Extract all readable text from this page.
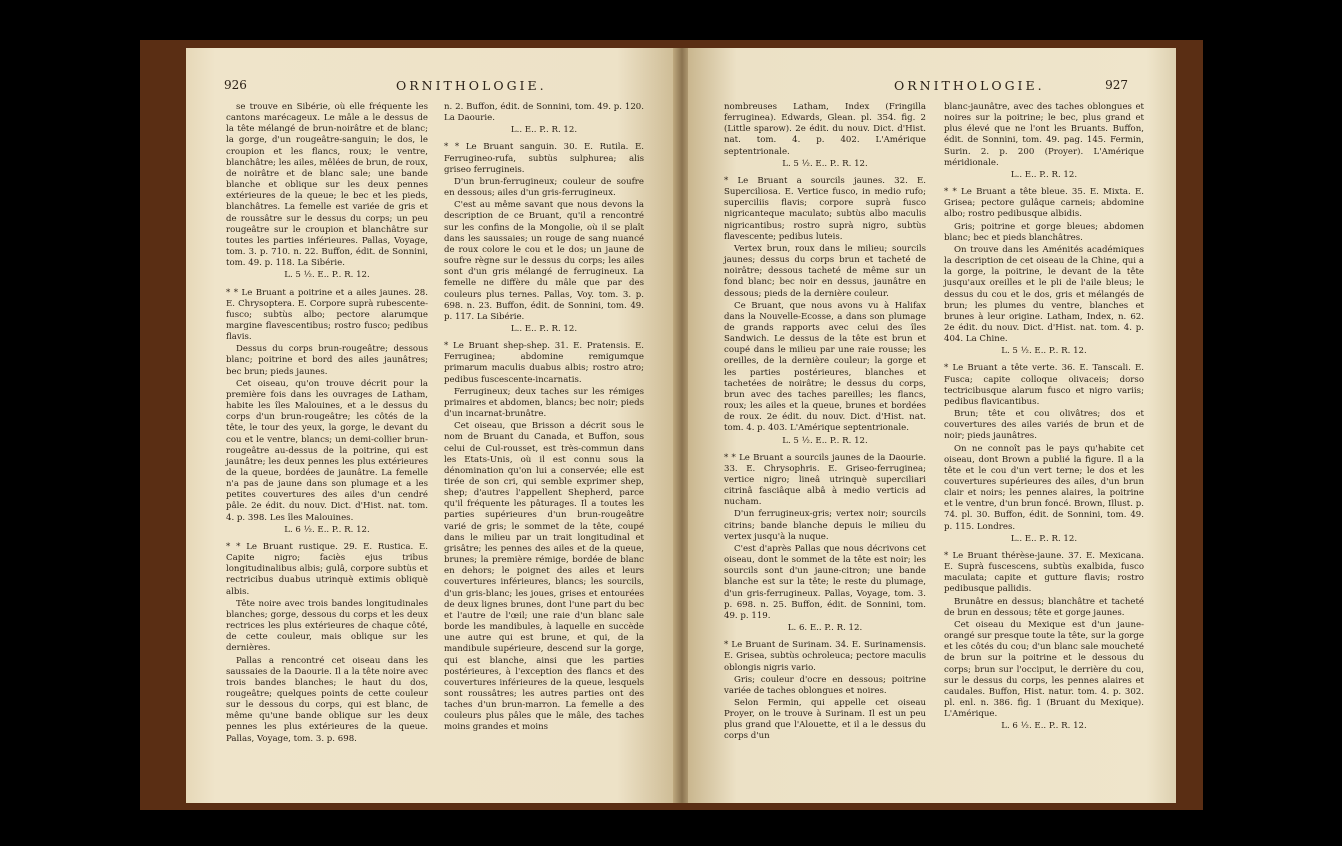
926	ORNITHOLOGIE.

se trouve en Sibérie, où elle fréquente les cantons marécageux. Le mâle a le dessus de la tête mélangé de brun-noirâtre et de blanc; la gorge, d'un rougeâtre-sanguin; le dos, le croupion et les flancs, roux; le ventre, blanchâtre; les ailes, mêlées de brun, de roux, de noirâtre et de blanc sale; une bande blanche et oblique sur les deux pennes extérieures de la queue; le bec et les pieds, blanchâtres. La femelle est variée de gris et de roussâtre sur le dessus du corps; un peu rougeâtre sur le croupion et blanchâtre sur toutes les parties inférieures. Pallas, Voyage, tom. 3. p. 710. n. 22. Buffon, édit. de Sonnini, tom. 49. p. 118. La Sibérie.

L. 5 ½. E.. P.. R. 12.

* * Le Bruant a poitrine et a ailes jaunes. 28. E. Chrysoptera. E. Corpore suprà rubescente-fusco; subtùs albo; pectore alarumque margine flavescentibus; rostro fusco; pedibus flavis.

Dessus du corps brun-rougeâtre; dessous blanc; poitrine et bord des ailes jaunâtres; bec brun; pieds jaunes.

Cet oiseau, qu'on trouve décrit pour la première fois dans les ouvrages de Latham, habite les îles Malouines, et a le dessus du corps d'un brun-rougeâtre; les côtés de la tête, le tour des yeux, la gorge, le devant du cou et le ventre, blancs; un demi-collier brun-rougeâtre au-dessus de la poitrine, qui est jaunâtre; les deux pennes les plus extérieures de la queue, bordées de jaunâtre. La femelle n'a pas de jaune dans son plumage et a les petites couvertures des ailes d'un cendré pâle. 2e édit. du nouv. Dict. d'Hist. nat. tom. 4. p. 398. Les îles Malouines.

L. 6 ½. E.. P.. R. 12.

* * Le Bruant rustique. 29. E. Rustica. E. Capite nigro; faciès ejus tribus longitudinalibus albis; gulâ, corpore subtùs et rectricibus duabus utrinquè extimis obliquè albis.

Tête noire avec trois bandes longitudinales blanches; gorge, dessous du corps et les deux rectrices les plus extérieures de chaque côté, de cette couleur, mais oblique sur les dernières.

Pallas a rencontré cet oiseau dans les saussaies de la Daourie. Il a la tête noire avec trois bandes blanches; le haut du dos, rougeâtre; quelques points de cette couleur sur le dessous du corps, qui est blanc, de même qu'une bande oblique sur les deux pennes les plus extérieures de la queue. Pallas, Voyage, tom. 3. p. 698.

n. 2. Buffon, édit. de Sonnini, tom. 49. p. 120. La Daourie.

L.. E.. P.. R. 12.

* * Le Bruant sanguin. 30. E. Rutila. E. Ferrugineo-rufa, subtùs sulphurea; alis griseo ferrugineis.

D'un brun-ferrugineux; couleur de soufre en dessous; ailes d'un gris-ferrugineux.

C'est au même savant que nous devons la description de ce Bruant, qu'il a rencontré sur les confins de la Mongolie, où il se plaît dans les saussaies; un rouge de sang nuancé de roux colore le cou et le dos; un jaune de soufre règne sur le dessus du corps; les ailes sont d'un gris mélangé de ferrugineux. La femelle ne diffère du mâle que par des couleurs plus ternes. Pallas, Voy. tom. 3. p. 698. n. 23. Buffon, édit. de Sonnini, tom. 49. p. 117. La Sibérie.

L.. E.. P.. R. 12.

* Le Bruant shep-shep. 31. E. Pratensis. E. Ferruginea; abdomine remigumque primarum maculis duabus albis; rostro atro; pedibus fuscescente-incarnatis.

Ferrugineux; deux taches sur les rémiges primaires et abdomen, blancs; bec noir; pieds d'un incarnat-brunâtre.

Cet oiseau, que Brisson a décrit sous le nom de Bruant du Canada, et Buffon, sous celui de Cul-rousset, est très-commun dans les Etats-Unis, où il est connu sous la dénomination qu'on lui a conservée; elle est tirée de son cri, qui semble exprimer shep, shep; d'autres l'appellent Shepherd, parce qu'il fréquente les pâturages. Il a toutes les parties supérieures d'un brun-rougeâtre varié de gris; le sommet de la tête, coupé dans le milieu par un trait longitudinal et grisâtre; les pennes des ailes et de la queue, brunes; la première rémige, bordée de blanc en dehors; le poignet des ailes et leurs couvertures inférieures, blancs; les sourcils, d'un gris-blanc; les joues, grises et entourées de deux lignes brunes, dont l'une part du bec et l'autre de l'œil; une raie d'un blanc sale borde les mandibules, à laquelle en succède une autre qui est brune, et qui, de la mandibule supérieure, descend sur la gorge, qui est blanche, ainsi que les parties postérieures, à l'exception des flancs et des couvertures inférieures de la queue, lesquels sont roussâtres; les autres parties ont des taches d'un brun-marron. La femelle a des couleurs plus pâles que le mâle, des taches moins grandes et moins

ORNITHOLOGIE.	927

nombreuses Latham, Index (Fringilla ferruginea). Edwards, Glean. pl. 354. fig. 2 (Little sparow). 2e édit. du nouv. Dict. d'Hist. nat. tom. 4. p. 402. L'Amérique septentrionale.

L. 5 ½. E.. P.. R. 12.

* Le Bruant a sourcils jaunes. 32. E. Superciliosa. E. Vertice fusco, in medio rufo; superciliis flavis; corpore suprà fusco nigricanteque maculato; subtùs albo maculis nigricantibus; rostro suprà nigro, subtùs flavescente; pedibus luteis.

Vertex brun, roux dans le milieu; sourcils jaunes; dessus du corps brun et tacheté de noirâtre; dessous tacheté de même sur un fond blanc; bec noir en dessus, jaunâtre en dessous; pieds de la dernière couleur.

Ce Bruant, que nous avons vu à Halifax dans la Nouvelle-Ecosse, a dans son plumage de grands rapports avec celui des îles Sandwich. Le dessus de la tête est brun et coupé dans le milieu par une raie rousse; les oreilles, de la dernière couleur; la gorge et les parties postérieures, blanches et tachetées de noirâtre; le dessus du corps, brun avec des taches pareilles; les flancs, roux; les ailes et la queue, brunes et bordées de roux. 2e édit. du nouv. Dict. d'Hist. nat. tom. 4. p. 403. L'Amérique septentrionale.

L. 5 ½. E.. P.. R. 12.

* * Le Bruant a sourcils jaunes de la Daourie. 33. E. Chrysophris. E. Griseo-ferruginea; vertice nigro; lineâ utrinquè superciliari citrinâ fasciâque albâ à medio verticis ad nucham.

D'un ferrugineux-gris; vertex noir; sourcils citrins; bande blanche depuis le milieu du vertex jusqu'à la nuque.

C'est d'après Pallas que nous décrivons cet oiseau, dont le sommet de la tête est noir; les sourcils sont d'un jaune-citron; une bande blanche est sur la tête; le reste du plumage, d'un gris-ferrugineux. Pallas, Voyage, tom. 3. p. 698. n. 25. Buffon, édit. de Sonnini, tom. 49. p. 119.

L. 6. E.. P.. R. 12.

* Le Bruant de Surinam. 34. E. Surinamensis. E. Grisea, subtùs ochroleuca; pectore maculis oblongis nigris vario.

Gris; couleur d'ocre en dessous; poitrine variée de taches oblongues et noires.

Selon Fermin, qui appelle cet oiseau Proyer, on le trouve à Surinam. Il est un peu plus grand que l'Alouette, et il a le dessus du corps d'un

blanc-jaunâtre, avec des taches oblongues et noires sur la poitrine; le bec, plus grand et plus élevé que ne l'ont les Bruants. Buffon, édit. de Sonnini, tom. 49. pag. 145. Fermin, Surin. 2. p. 200 (Proyer). L'Amérique méridionale.

L.. E.. P.. R. 12.

* * Le Bruant a tête bleue. 35. E. Mixta. E. Grisea; pectore gulâque carneis; abdomine albo; rostro pedibusque albidis.

Gris; poitrine et gorge bleues; abdomen blanc; bec et pieds blanchâtres.

On trouve dans les Aménités académiques la description de cet oiseau de la Chine, qui a la gorge, la poitrine, le devant de la tête jusqu'aux oreilles et le pli de l'aile bleus; le dessus du cou et le dos, gris et mélangés de brun; les plumes du ventre, blanches et brunes à leur origine. Latham, Index, n. 62. 2e édit. du nouv. Dict. d'Hist. nat. tom. 4. p. 404. La Chine.

L. 5 ½. E.. P.. R. 12.

* Le Bruant a tête verte. 36. E. Tanscali. E. Fusca; capite colloque olivaceis; dorso tectricibusque alarum fusco et nigro variis; pedibus flavicantibus.

Brun; tête et cou olivâtres; dos et couvertures des ailes variés de brun et de noir; pieds jaunâtres.

On ne connoît pas le pays qu'habite cet oiseau, dont Brown a publié la figure. Il a la tête et le cou d'un vert terne; le dos et les couvertures supérieures des ailes, d'un brun clair et noirs; les pennes alaires, la poitrine et le ventre, d'un brun foncé. Brown, Illust. p. 74. pl. 30. Buffon, édit. de Sonnini, tom. 49. p. 115. Londres.

L.. E.. P.. R. 12.

* Le Bruant thérèse-jaune. 37. E. Mexicana. E. Suprà fuscescens, subtùs exalbida, fusco maculata; capite et gutture flavis; rostro pedibusque pallidis.

Brunâtre en dessus; blanchâtre et tacheté de brun en dessous; tête et gorge jaunes.

Cet oiseau du Mexique est d'un jaune-orangé sur presque toute la tête, sur la gorge et les côtés du cou; d'un blanc sale moucheté de brun sur la poitrine et le dessous du corps; brun sur l'occiput, le derrière du cou, sur le dessus du corps, les pennes alaires et caudales. Buffon, Hist. natur. tom. 4. p. 302. pl. enl. n. 386. fig. 1 (Bruant du Mexique). L'Amérique.

L. 6 ½. E.. P.. R. 12.
